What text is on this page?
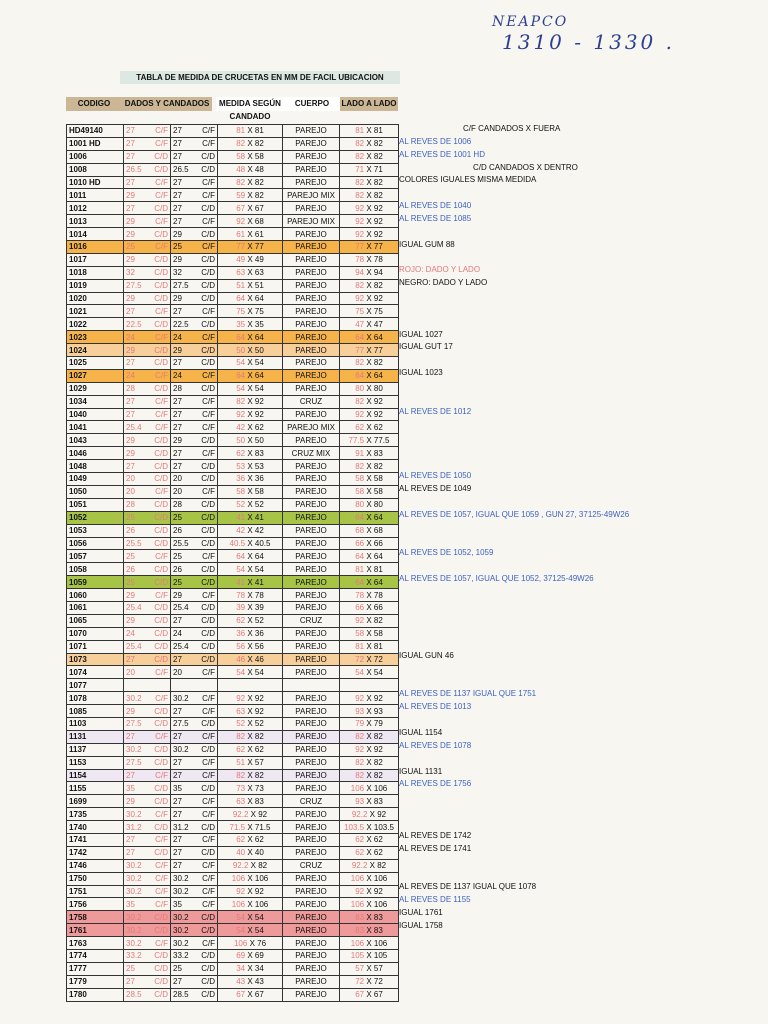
NEAPCO
1310 - 1330 .
TABLA DE MEDIDA DE CRUCETAS EN MM DE FACIL UBICACION
CODIGO	DADOS Y CANDADOS	MEDIDA SEGÚN
CANDADO
CUERPO	LADO A LADO
HD49140	27 C/F	27 C/F	81 X 81	PAREJO	81 X 81
1001 HD	27 C/F	27 C/F	82 X 82	PAREJO	82 X 82
1006	27 C/D	27 C/D	58 X 58	PAREJO	82 X 82
1008	26.5 C/D	26.5 C/D	48 X 48	PAREJO	71 X 71
1010 HD	27 C/F	27 C/F	82 X 82	PAREJO	82 X 82
1011	29 C/F	27 C/F	59 X 82	PAREJO MIX	82 X 82
1012	27 C/D	27 C/D	67 X 67	PAREJO	92 X 92
1013	29 C/F	27 C/F	92 X 68	PAREJO MIX	92 X 92
1014	29 C/D	29 C/D	61 X 61	PAREJO	92 X 92
1016	25 C/F	25 C/F	77 X 77	PAREJO	77 X 77
1017	29 C/D	29 C/D	49 X 49	PAREJO	78 X 78
1018	32 C/D	32 C/D	63 X 63	PAREJO	94 X 94
1019	27.5 C/D	27.5 C/D	51 X 51	PAREJO	82 X 82
1020	29 C/D	29 C/D	64 X 64	PAREJO	92 X 92
1021	27 C/F	27 C/F	75 X 75	PAREJO	75 X 75
1022	22.5 C/D	22.5 C/D	35 X 35	PAREJO	47 X 47
1023	24 C/F	24 C/F	64 X 64	PAREJO	64 X 64
1024	29 C/D	29 C/D	50 X 50	PAREJO	77 X 77
1025	27 C/D	27 C/D	54 X 54	PAREJO	82 X 82
1027	24 C/F	24 C/F	64 X 64	PAREJO	64 X 64
1029	28 C/D	28 C/D	54 X 54	PAREJO	80 X 80
1034	27 C/F	27 C/F	82 X 92	CRUZ	82 X 92
1040	27 C/F	27 C/F	92 X 92	PAREJO	92 X 92
1041	25.4 C/F	27 C/F	42 X 62	PAREJO MIX	62 X 62
1043	29 C/D	29 C/D	50 X 50	PAREJO	77.5 X 77.5
1046	29 C/D	27 C/F	62 X 83	CRUZ MIX	91 X 83
1048	27 C/D	27 C/D	53 X 53	PAREJO	82 X 82
1049	20 C/D	20 C/D	36 X 36	PAREJO	58 X 58
1050	20 C/F	20 C/F	58 X 58	PAREJO	58 X 58
1051	28 C/D	28 C/D	52 X 52	PAREJO	80 X 80
1052	25 C/D	25 C/D	41 X 41	PAREJO	64 X 64
1053	26 C/D	26 C/D	42 X 42	PAREJO	68 X 68
1056	25.5 C/D	25.5 C/D	40.5 X 40.5	PAREJO	66 X 66
1057	25 C/F	25 C/F	64 X 64	PAREJO	64 X 64
1058	26 C/D	26 C/D	54 X 54	PAREJO	81 X 81
1059	25 C/D	25 C/D	41 X 41	PAREJO	64 X 64
1060	29 C/F	29 C/F	78 X 78	PAREJO	78 X 78
1061	25.4 C/D	25.4 C/D	39 X 39	PAREJO	66 X 66
1065	29 C/D	27 C/D	62 X 52	CRUZ	92 X 82
1070	24 C/D	24 C/D	36 X 36	PAREJO	58 X 58
1071	25.4 C/D	25.4 C/D	56 X 56	PAREJO	81 X 81
1073	27 C/D	27 C/D	46 X 46	PAREJO	72 X 72
1074	20 C/F	20 C/F	54 X 54	PAREJO	54 X 54
1077	

1078	30.2 C/F	30.2 C/F	92 X 92	PAREJO	92 X 92
1085	29 C/D	27 C/F	63 X 92	PAREJO	93 X 93
1103	27.5 C/D	27.5 C/D	52 X 52	PAREJO	79 X 79
1131	27 C/F	27 C/F	82 X 82	PAREJO	82 X 82
1137	30.2 C/D	30.2 C/D	62 X 62	PAREJO	92 X 92
1153	27.5 C/D	27 C/F	51 X 57	PAREJO	82 X 82
1154	27 C/F	27 C/F	82 X 82	PAREJO	82 X 82
1155	35 C/D	35 C/D	73 X 73	PAREJO	106 X 106
1699	29 C/D	27 C/F	63 X 83	CRUZ	93 X 83
1735	30.2 C/F	27 C/F	92.2 X 92	PAREJO	92.2 X 92
1740	31.2 C/D	31.2 C/D	71.5 X 71.5	PAREJO	103.5 X 103.5
1741	27 C/F	27 C/F	62 X 62	PAREJO	62 X 62
1742	27 C/D	27 C/D	40 X 40	PAREJO	62 X 62
1746	30.2 C/F	27 C/F	92.2 X 82	CRUZ	92.2 X 82
1750	30.2 C/F	30.2 C/F	106 X 106	PAREJO	106 X 106
1751	30.2 C/F	30.2 C/F	92 X 92	PAREJO	92 X 92
1756	35 C/F	35 C/F	106 X 106	PAREJO	106 X 106
1758	30.2 C/D	30.2 C/D	54 X 54	PAREJO	83 X 83
1761	30.2 C/D	30.2 C/D	54 X 54	PAREJO	83 X 83
1763	30.2 C/F	30.2 C/F	106 X 76	PAREJO	106 X 106
1774	33.2 C/D	33.2 C/D	69 X 69	PAREJO	105 X 105
1777	25 C/D	25 C/D	34 X 34	PAREJO	57 X 57
1779	27 C/D	27 C/D	43 X 43	PAREJO	72 X 72
1780	28.5 C/D	28.5 C/D	67 X 67	PAREJO	67 X 67
C/F CANDADOS X FUERA
AL REVES DE 1006
AL REVES DE 1001 HD
C/D CANDADOS X DENTRO
COLORES IGUALES MISMA MEDIDA
AL REVES DE 1040
AL REVES DE 1085
IGUAL GUM 88
ROJO: DADO Y LADO
NEGRO: DADO Y LADO
IGUAL 1027
IGUAL GUT 17
IGUAL 1023
AL REVES DE 1012
AL REVES DE 1050
AL REVES DE 1049
AL REVES DE 1057, IGUAL QUE 1059 , GUN 27, 37125-49W26
AL REVES DE 1052, 1059
AL REVES DE 1057, IGUAL QUE 1052, 37125-49W26
IGUAL GUN 46
AL REVES DE 1137 IGUAL QUE 1751
AL REVES DE 1013
IGUAL 1154
AL REVES DE 1078
IGUAL 1131
AL REVES DE 1756
AL REVES DE 1742
AL REVES DE 1741
AL REVES DE 1137 IGUAL QUE 1078
AL REVES DE 1155
IGUAL 1761
IGUAL 1758
